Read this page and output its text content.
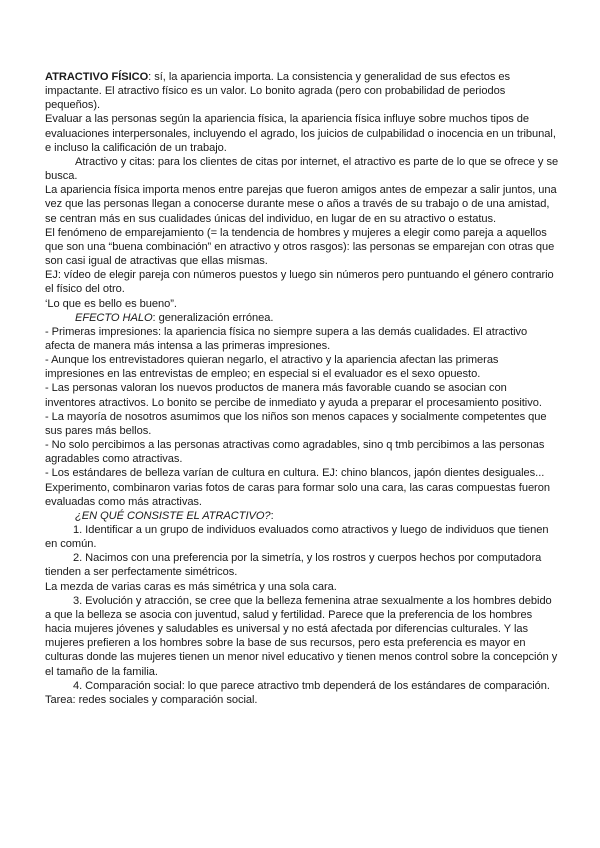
ATRACTIVO FÍSICO: sí, la apariencia importa. La consistencia y generalidad de sus efectos es impactante. El atractivo físico es un valor. Lo bonito agrada (pero con probabilidad de periodos pequeños).

Evaluar a las personas según la apariencia física, la apariencia física influye sobre muchos tipos de evaluaciones interpersonales, incluyendo el agrado, los juicios de culpabilidad o inocencia en un tribunal, e incluso la calificación de un trabajo.

Atractivo y citas: para los clientes de citas por internet, el atractivo es parte de lo que se ofrece y se busca.

La apariencia física importa menos entre parejas que fueron amigos antes de empezar a salir juntos, una vez que las personas llegan a conocerse durante mese o años a través de su trabajo o de una amistad, se centran más en sus cualidades únicas del individuo, en lugar de en su atractivo o estatus.

El fenómeno de emparejamiento (= la tendencia de hombres y mujeres a elegir como pareja a aquellos que son una “buena combinación” en atractivo y otros rasgos): las personas se emparejan con otras que son casi igual de atractivas que ellas mismas.

EJ: vídeo de elegir pareja con números puestos y luego sin números pero puntuando el género contrario el físico del otro.

‘Lo que es bello es bueno”.

EFECTO HALO: generalización errónea.

- Primeras impresiones: la apariencia física no siempre supera a las demás cualidades. El atractivo afecta de manera más intensa a las primeras impresiones.

- Aunque los entrevistadores quieran negarlo, el atractivo y la apariencia afectan las primeras impresiones en las entrevistas de empleo; en especial si el evaluador es el sexo opuesto.

- Las personas valoran los nuevos productos de manera más favorable cuando se asocian con inventores atractivos. Lo bonito se percibe de inmediato y ayuda a preparar el procesamiento positivo.

- La mayoría de nosotros asumimos que los niños son menos capaces y socialmente competentes que sus pares más bellos.

- No solo percibimos a las personas atractivas como agradables, sino q tmb percibimos a las personas agradables como atractivas.

- Los estándares de belleza varían de cultura en cultura. EJ: chino blancos, japón dientes desiguales...

Experimento, combinaron varias fotos de caras para formar solo una cara, las caras compuestas fueron evaluadas como más atractivas.

¿EN QUÉ CONSISTE EL ATRACTIVO?:

1. Identificar a un grupo de individuos evaluados como atractivos y luego de individuos que tienen en común.

2. Nacimos con una preferencia por la simetría, y los rostros y cuerpos hechos por computadora tienden a ser perfectamente simétricos.

La mezda de varias caras es más simétrica y una sola cara.

3. Evolución y atracción, se cree que la belleza femenina atrae sexualmente a los hombres debido a que la belleza se asocia con juventud, salud y fertilidad. Parece que la preferencia de los hombres hacia mujeres jóvenes y saludables es universal y no está afectada por diferencias culturales. Y las mujeres prefieren a los hombres sobre la base de sus recursos, pero esta preferencia es mayor en culturas donde las mujeres tienen un menor nivel educativo y tienen menos control sobre la concepción y el tamaño de la familia.

4. Comparación social: lo que parece atractivo tmb dependerá de los estándares de comparación.

Tarea: redes sociales y comparación social.
